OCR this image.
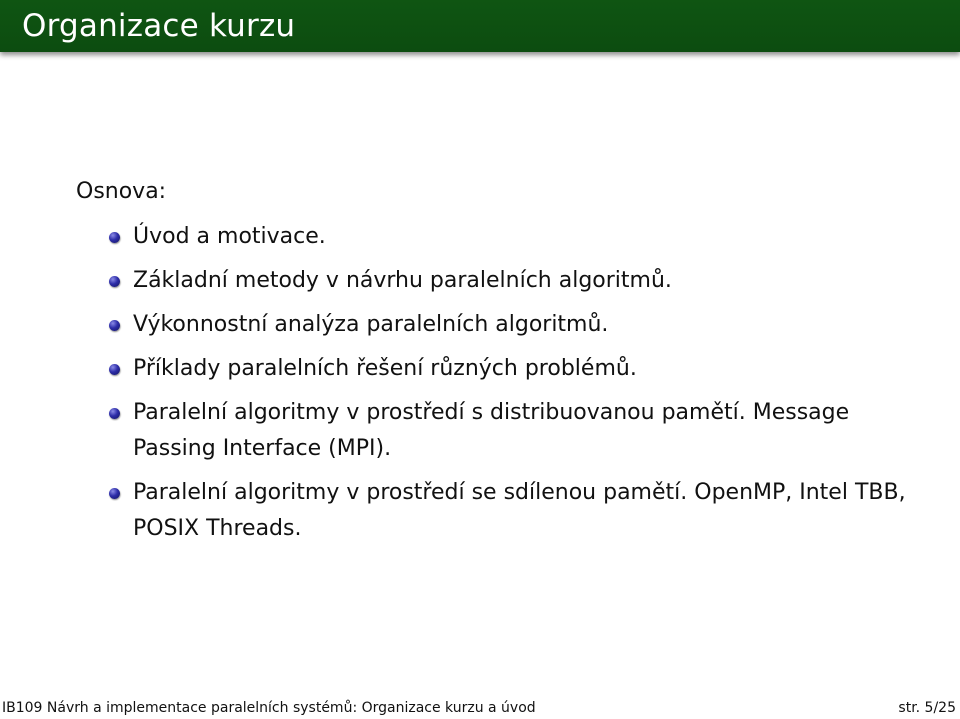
Organizace kurzu
Osnova:
Úvod a motivace.
Základní metody v návrhu paralelních algoritmů.
Výkonnostní analýza paralelních algoritmů.
Příklady paralelních řešení různých problémů.
Paralelní algoritmy v prostředí s distribuovanou pamětí. Message Passing Interface (MPI).
Paralelní algoritmy v prostředí se sdílenou pamětí. OpenMP, Intel TBB, POSIX Threads.
IB109 Návrh a implementace paralelních systémů: Organizace kurzu a úvod	str. 5/25
